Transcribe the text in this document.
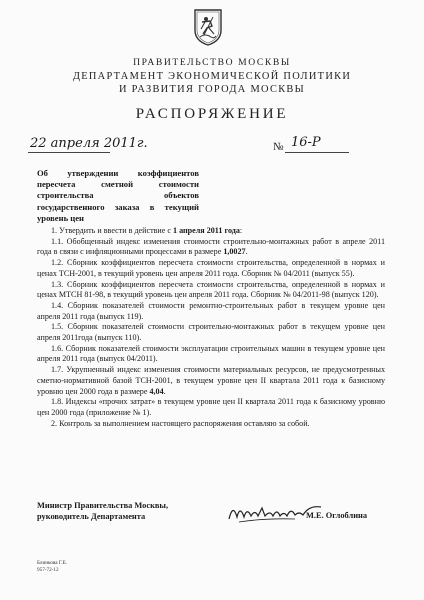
ПРАВИТЕЛЬСТВО МОСКВЫ
ДЕПАРТАМЕНТ ЭКОНОМИЧЕСКОЙ ПОЛИТИКИ
И РАЗВИТИЯ ГОРОДА МОСКВЫ
РАСПОРЯЖЕНИЕ
22 апреля 2011г.	№ 16-Р
Об утверждении коэффициентов пересчета сметной стоимости строительства объектов государственного заказа в текущий уровень цен

1. Утвердить и ввести в действие с 1 апреля 2011 года:

1.1. Обобщенный индекс изменения стоимости строительно-монтажных работ в апреле 2011 года в связи с инфляционными процессами в размере 1,0027.

1.2. Сборник коэффициентов пересчета стоимости строительства, определенной в нормах и ценах ТСН-2001, в текущий уровень цен апреля 2011 года. Сборник № 04/2011 (выпуск 55).

1.3. Сборник коэффициентов пересчета стоимости строительства, определенной в нормах и ценах МТСН 81-98, в текущий уровень цен апреля 2011 года. Сборник № 04/2011-98 (выпуск 120).

1.4. Сборник показателей стоимости ремонтно-строительных работ в текущем уровне цен апреля 2011 года (выпуск 119).

1.5. Сборник показателей стоимости строительно-монтажных работ в текущем уровне цен апреля 2011года (выпуск 110).

1.6. Сборник показателей стоимости эксплуатации строительных машин в текущем уровне цен апреля 2011 года (выпуск 04/2011).

1.7. Укрупненный индекс изменения стоимости материальных ресурсов, не предусмотренных сметно-нормативной базой ТСН-2001, в текущем уровне цен II квартала 2011 года к базисному уровню цен 2000 года в размере 4,04.

1.8. Индексы «прочих затрат» в текущем уровне цен II квартала 2011 года к базисному уровню цен 2000 года (приложение № 1).

2. Контроль за выполнением настоящего распоряжения оставляю за собой.

Министр Правительства Москвы,
руководитель Департамента	М.Е. Оглоблина
Блинкова Г.Е.
957-72-12
